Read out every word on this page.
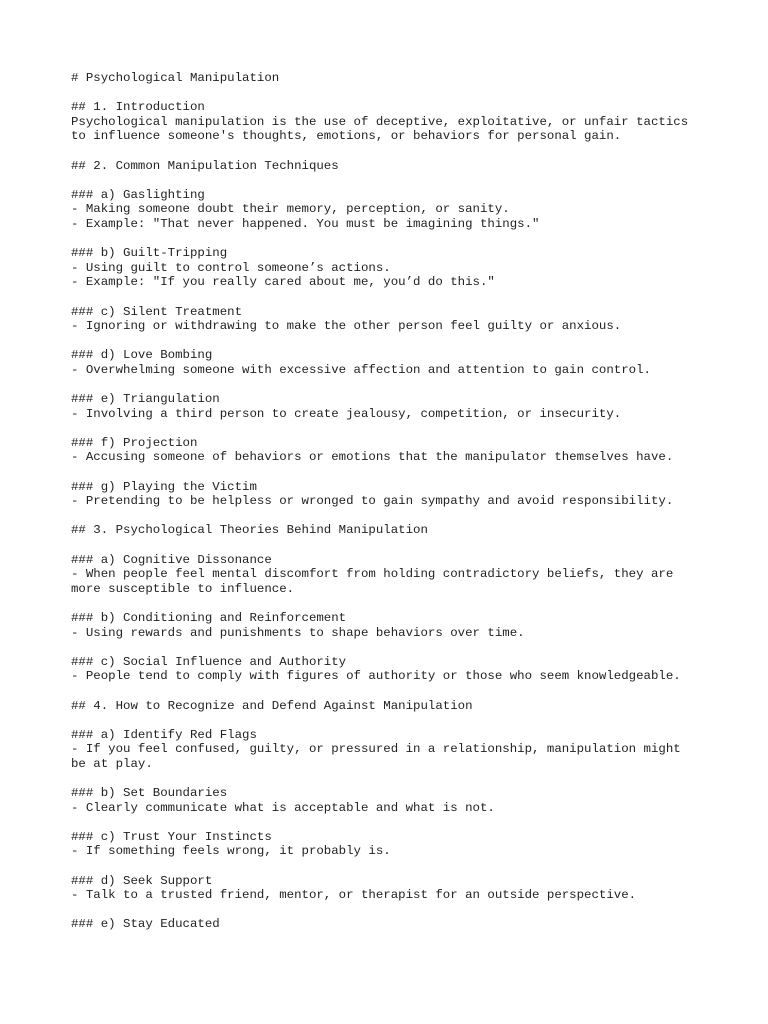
# Psychological Manipulation
## 1. Introduction
Psychological manipulation is the use of deceptive, exploitative, or unfair tactics
to influence someone's thoughts, emotions, or behaviors for personal gain.
## 2. Common Manipulation Techniques
### a) Gaslighting
- Making someone doubt their memory, perception, or sanity.
- Example: "That never happened. You must be imagining things."
### b) Guilt-Tripping
- Using guilt to control someone’s actions.
- Example: "If you really cared about me, you’d do this."
### c) Silent Treatment
- Ignoring or withdrawing to make the other person feel guilty or anxious.
### d) Love Bombing
- Overwhelming someone with excessive affection and attention to gain control.
### e) Triangulation
- Involving a third person to create jealousy, competition, or insecurity.
### f) Projection
- Accusing someone of behaviors or emotions that the manipulator themselves have.
### g) Playing the Victim
- Pretending to be helpless or wronged to gain sympathy and avoid responsibility.
## 3. Psychological Theories Behind Manipulation
### a) Cognitive Dissonance
- When people feel mental discomfort from holding contradictory beliefs, they are
more susceptible to influence.
### b) Conditioning and Reinforcement
- Using rewards and punishments to shape behaviors over time.
### c) Social Influence and Authority
- People tend to comply with figures of authority or those who seem knowledgeable.
## 4. How to Recognize and Defend Against Manipulation
### a) Identify Red Flags
- If you feel confused, guilty, or pressured in a relationship, manipulation might
be at play.
### b) Set Boundaries
- Clearly communicate what is acceptable and what is not.
### c) Trust Your Instincts
- If something feels wrong, it probably is.
### d) Seek Support
- Talk to a trusted friend, mentor, or therapist for an outside perspective.
### e) Stay Educated
